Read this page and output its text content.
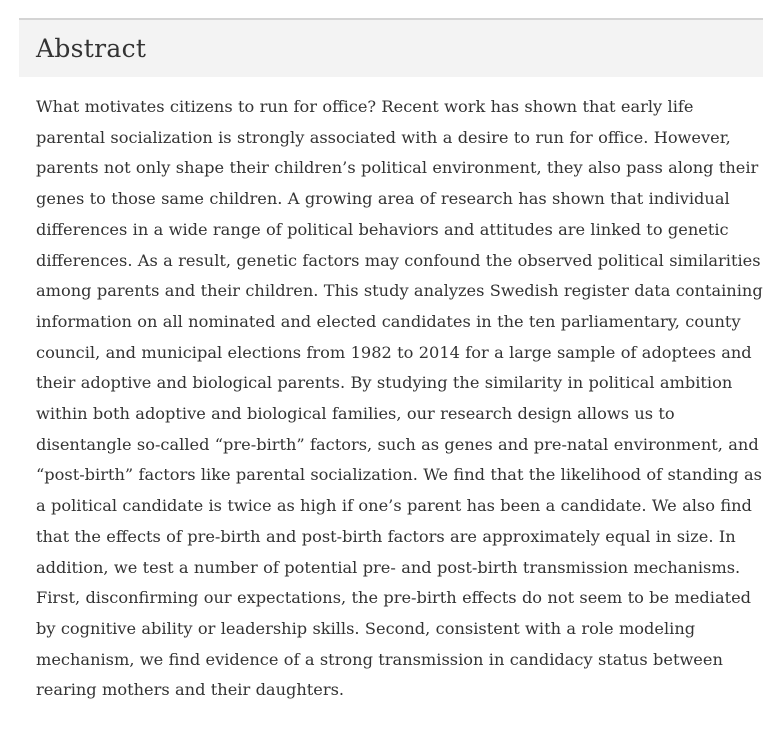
Abstract

What motivates citizens to run for office? Recent work has shown that early life parental socialization is strongly associated with a desire to run for office. However, parents not only shape their children’s political environment, they also pass along their genes to those same children. A growing area of research has shown that individual differences in a wide range of political behaviors and attitudes are linked to genetic differences. As a result, genetic factors may confound the observed political similarities among parents and their children. This study analyzes Swedish register data containing information on all nominated and elected candidates in the ten parliamentary, county council, and municipal elections from 1982 to 2014 for a large sample of adoptees and their adoptive and biological parents. By studying the similarity in political ambition within both adoptive and biological families, our research design allows us to disentangle so-called “pre-birth” factors, such as genes and pre-natal environment, and “post-birth” factors like parental socialization. We find that the likelihood of standing as a political candidate is twice as high if one’s parent has been a candidate. We also find that the effects of pre-birth and post-birth factors are approximately equal in size. In addition, we test a number of potential pre- and post-birth transmission mechanisms. First, disconfirming our expectations, the pre-birth effects do not seem to be mediated by cognitive ability or leadership skills. Second, consistent with a role modeling mechanism, we find evidence of a strong transmission in candidacy status between rearing mothers and their daughters.
